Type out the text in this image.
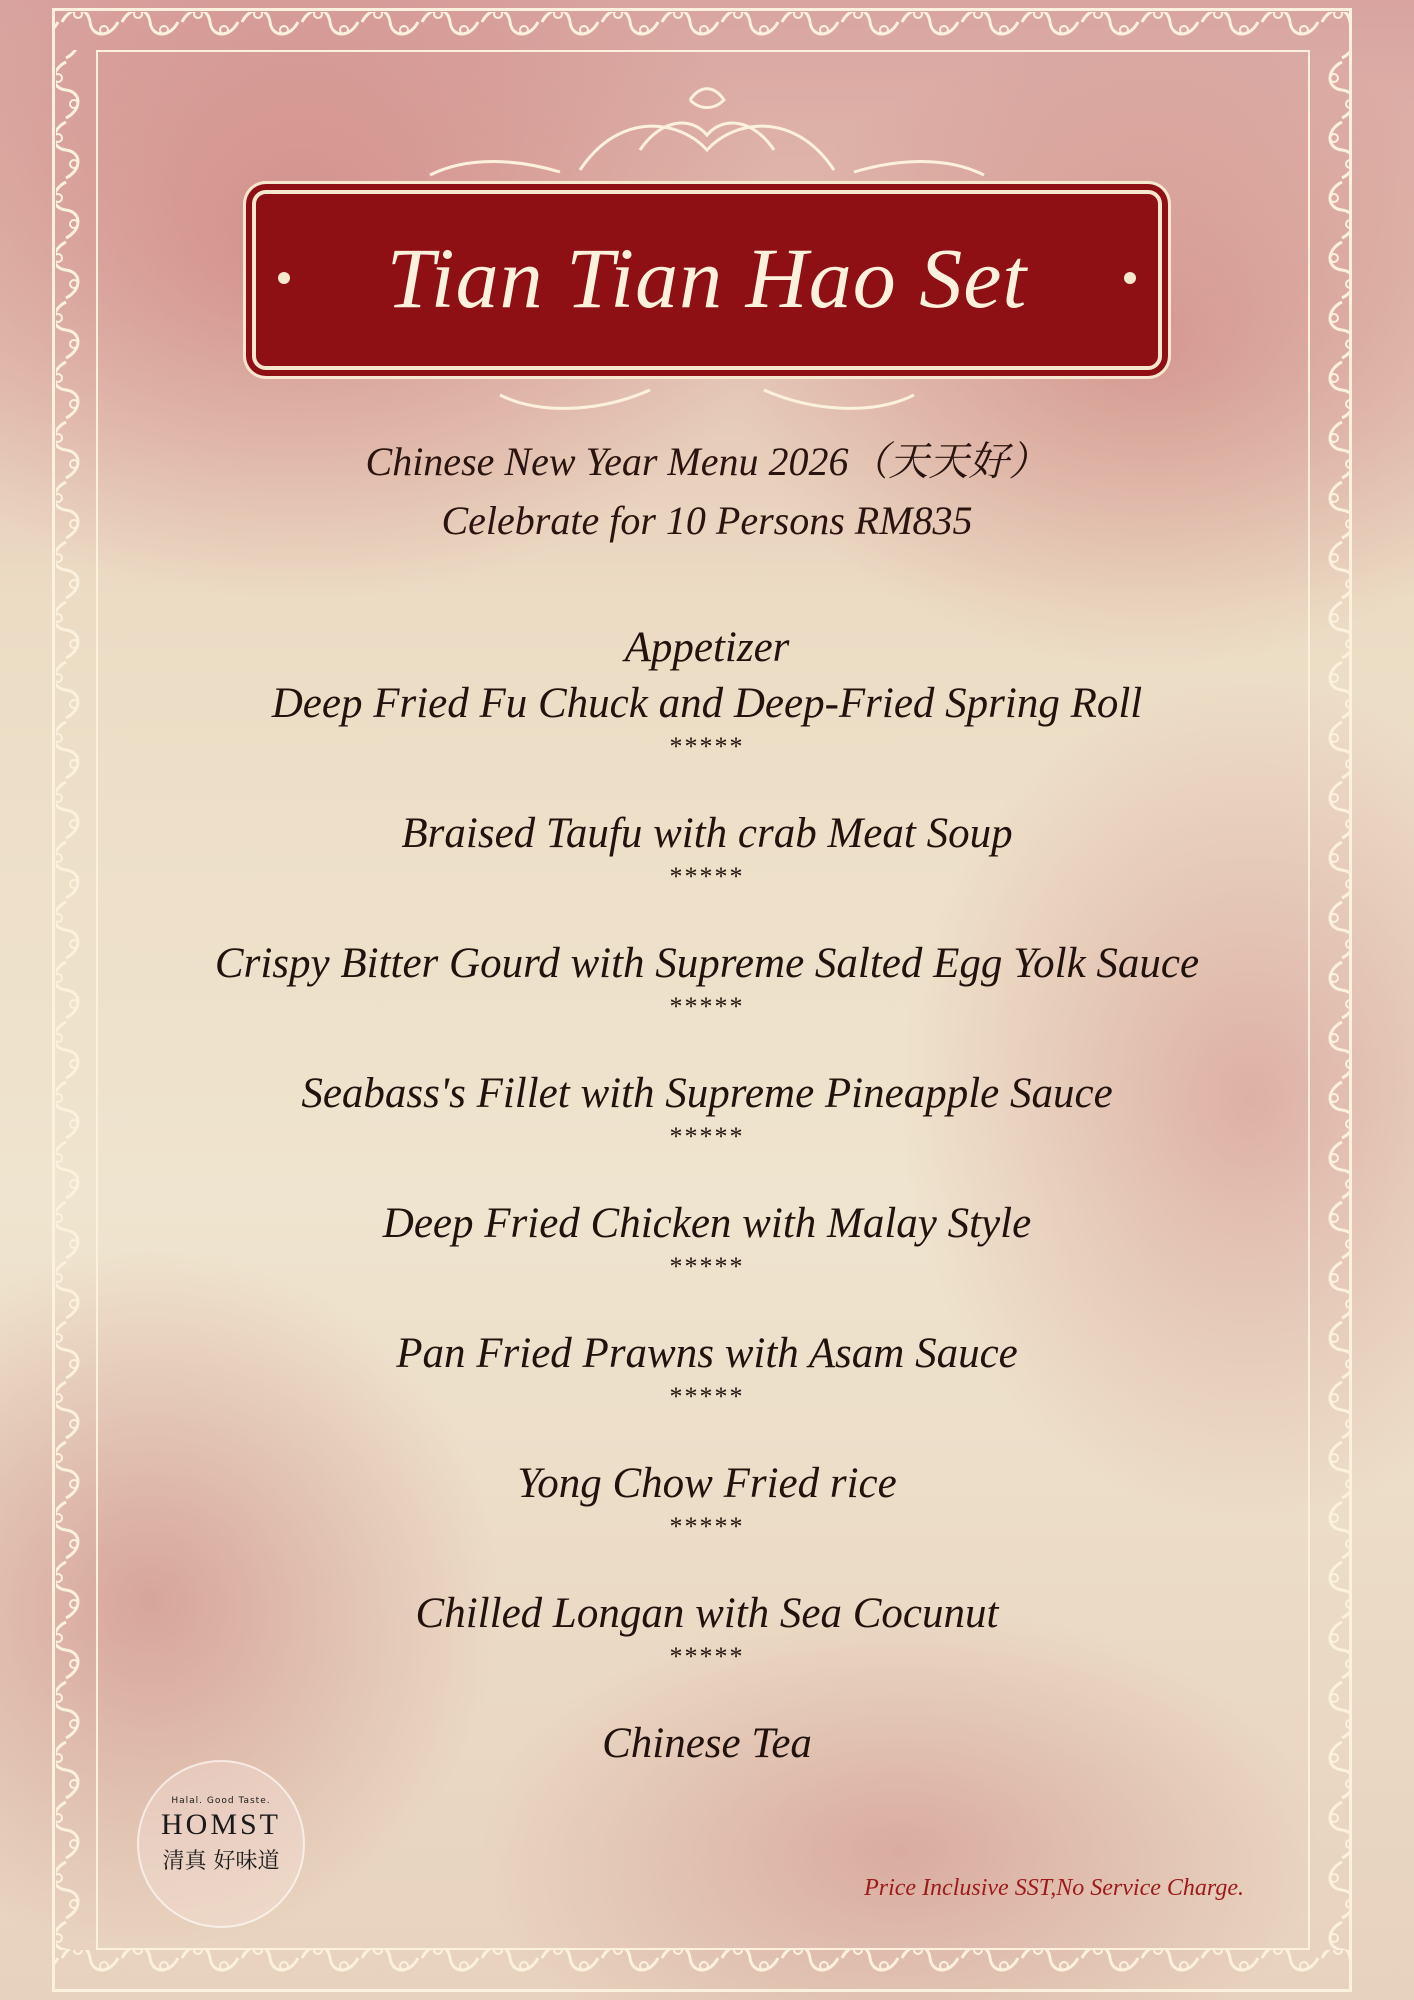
Tian Tian Hao Set
Chinese New Year Menu 2026（天天好）
Celebrate for 10 Persons RM835
Appetizer
Deep Fried Fu Chuck and Deep-Fried Spring Roll
*****
Braised Taufu with crab Meat Soup
*****
Crispy Bitter Gourd with Supreme Salted Egg Yolk Sauce
*****
Seabass's Fillet with Supreme Pineapple Sauce
*****
Deep Fried Chicken with Malay Style
*****
Pan Fried Prawns with Asam Sauce
*****
Yong Chow Fried rice
*****
Chilled Longan with Sea Cocunut
*****
Chinese Tea
Halal. Good Taste.
HOMST
清真 好味道
Price Inclusive SST,No Service Charge.
